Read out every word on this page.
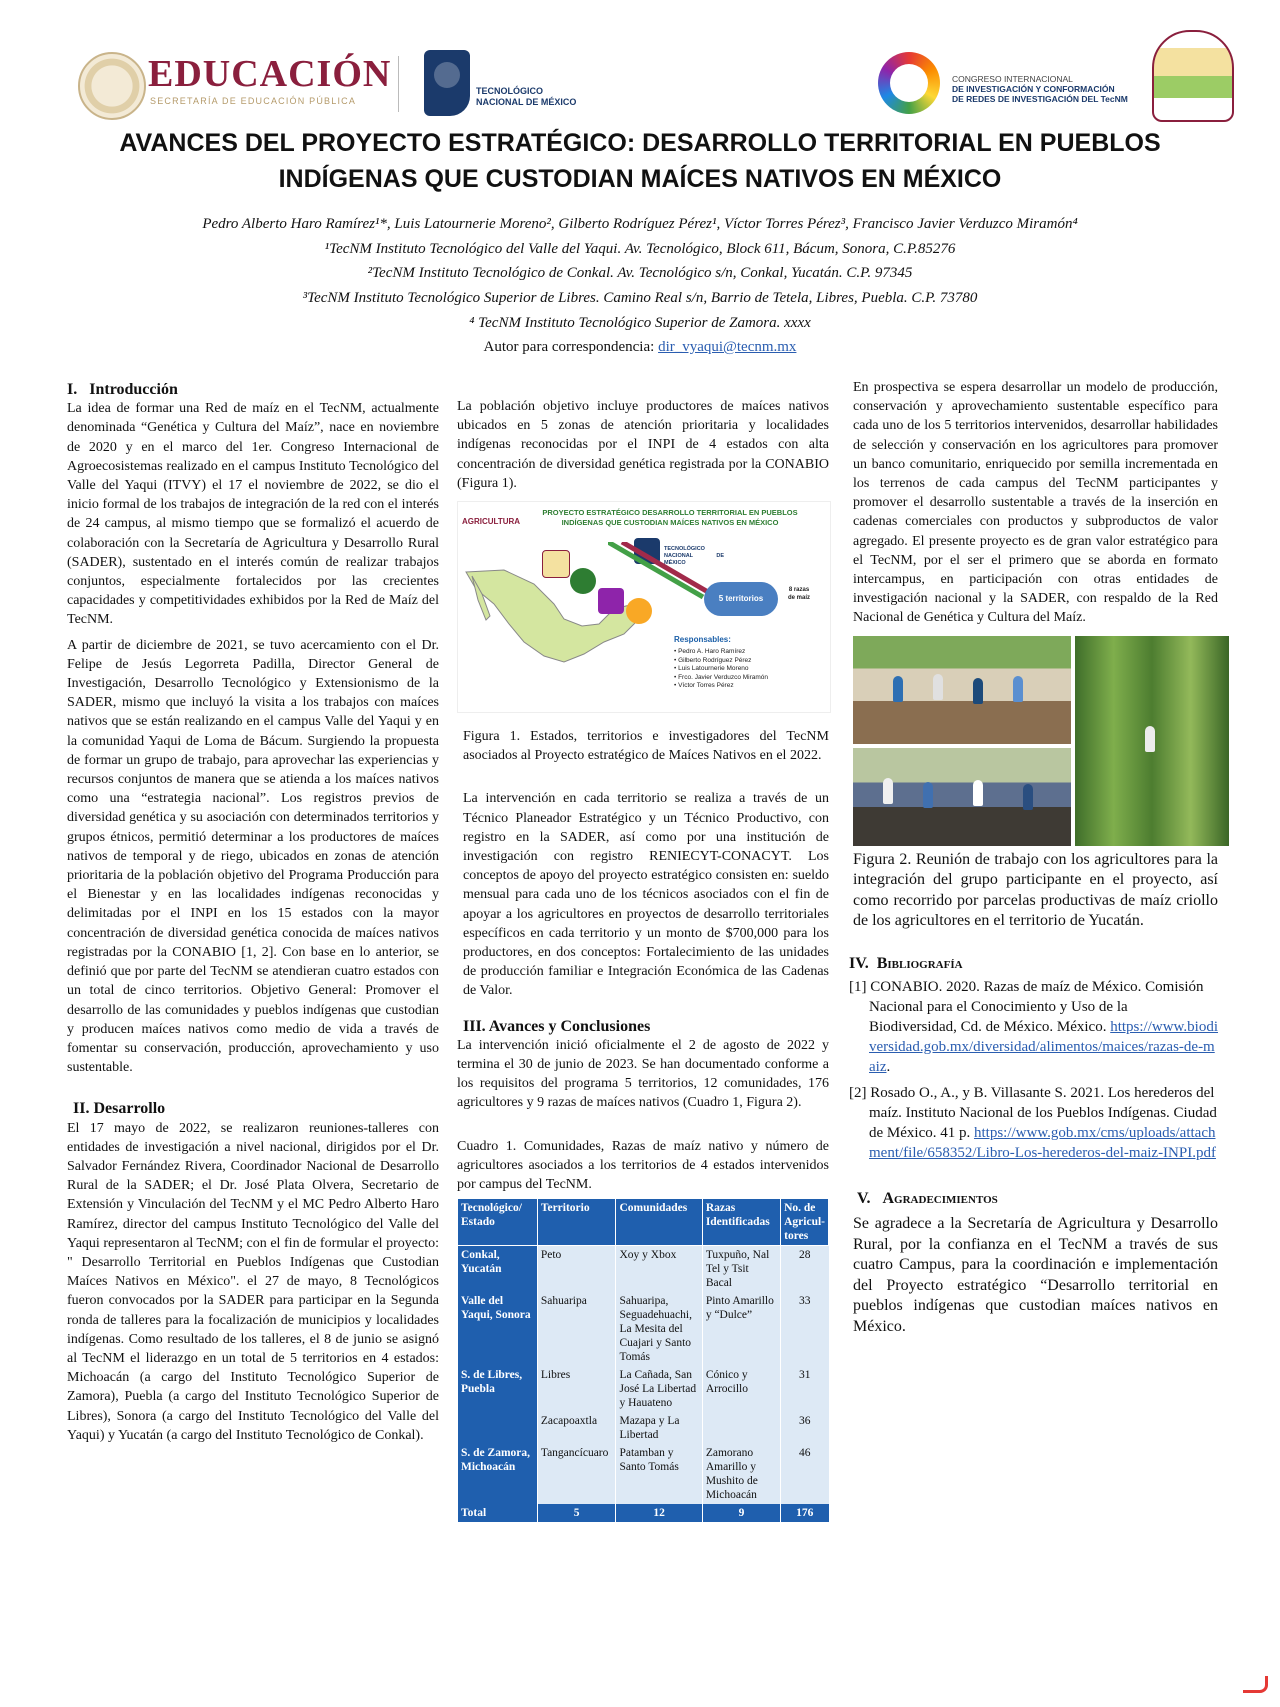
EDUCACIÓN
SECRETARÍA DE EDUCACIÓN PÚBLICA
TECNOLÓGICO
NACIONAL DE MÉXICO
CONGRESO INTERNACIONAL
DE INVESTIGACIÓN Y CONFORMACIÓN
DE REDES DE INVESTIGACIÓN DEL TecNM
AVANCES DEL PROYECTO ESTRATÉGICO: DESARROLLO TERRITORIAL EN PUEBLOS
INDÍGENAS QUE CUSTODIAN MAÍCES NATIVOS EN MÉXICO
Pedro Alberto Haro Ramírez¹*, Luis Latournerie Moreno², Gilberto Rodríguez Pérez¹, Víctor Torres Pérez³, Francisco Javier Verduzco Miramón⁴
¹TecNM Instituto Tecnológico del Valle del Yaqui. Av. Tecnológico, Block 611, Bácum, Sonora, C.P.85276
²TecNM Instituto Tecnológico de Conkal. Av. Tecnológico s/n, Conkal, Yucatán. C.P. 97345
³TecNM Instituto Tecnológico Superior de Libres. Camino Real s/n, Barrio de Tetela, Libres, Puebla. C.P. 73780
⁴ TecNM Instituto Tecnológico Superior de Zamora. xxxx
Autor para correspondencia: dir_vyaqui@tecnm.mx
I. Introducción

La idea de formar una Red de maíz en el TecNM, actualmente denominada “Genética y Cultura del Maíz”, nace en noviembre de 2020 y en el marco del 1er. Congreso Internacional de Agroecosistemas realizado en el campus Instituto Tecnológico del Valle del Yaqui (ITVY) el 17 el noviembre de 2022, se dio el inicio formal de los trabajos de integración de la red con el interés de 24 campus, al mismo tiempo que se formalizó el acuerdo de colaboración con la Secretaría de Agricultura y Desarrollo Rural (SADER), sustentado en el interés común de realizar trabajos conjuntos, especialmente fortalecidos por las crecientes capacidades y competitividades exhibidos por la Red de Maíz del TecNM.

A partir de diciembre de 2021, se tuvo acercamiento con el Dr. Felipe de Jesús Legorreta Padilla, Director General de Investigación, Desarrollo Tecnológico y Extensionismo de la SADER, mismo que incluyó la visita a los trabajos con maíces nativos que se están realizando en el campus Valle del Yaqui y en la comunidad Yaqui de Loma de Bácum. Surgiendo la propuesta de formar un grupo de trabajo, para aprovechar las experiencias y recursos conjuntos de manera que se atienda a los maíces nativos como una “estrategia nacional”. Los registros previos de diversidad genética y su asociación con determinados territorios y grupos étnicos, permitió determinar a los productores de maíces nativos de temporal y de riego, ubicados en zonas de atención prioritaria de la población objetivo del Programa Producción para el Bienestar y en las localidades indígenas reconocidas y delimitadas por el INPI en los 15 estados con la mayor concentración de diversidad genética conocida de maíces nativos registradas por la CONABIO [1, 2]. Con base en lo anterior, se definió que por parte del TecNM se atendieran cuatro estados con un total de cinco territorios. Objetivo General: Promover el desarrollo de las comunidades y pueblos indígenas que custodian y producen maíces nativos como medio de vida a través de fomentar su conservación, producción, aprovechamiento y uso sustentable.

II. Desarrollo

El 17 mayo de 2022, se realizaron reuniones-talleres con entidades de investigación a nivel nacional, dirigidos por el Dr. Salvador Fernández Rivera, Coordinador Nacional de Desarrollo Rural de la SADER; el Dr. José Plata Olvera, Secretario de Extensión y Vinculación del TecNM y el MC Pedro Alberto Haro Ramírez, director del campus Instituto Tecnológico del Valle del Yaqui representaron al TecNM; con el fin de formular el proyecto: " Desarrollo Territorial en Pueblos Indígenas que Custodian Maíces Nativos en México". el 27 de mayo, 8 Tecnológicos fueron convocados por la SADER para participar en la Segunda ronda de talleres para la focalización de municipios y localidades indígenas. Como resultado de los talleres, el 8 de junio se asignó al TecNM el liderazgo en un total de 5 territorios en 4 estados: Michoacán (a cargo del Instituto Tecnológico Superior de Zamora), Puebla (a cargo del Instituto Tecnológico Superior de Libres), Sonora (a cargo del Instituto Tecnológico del Valle del Yaqui) y Yucatán (a cargo del Instituto Tecnológico de Conkal).

La población objetivo incluye productores de maíces nativos ubicados en 5 zonas de atención prioritaria y localidades indígenas reconocidas por el INPI de 4 estados con alta concentración de diversidad genética registrada por la CONABIO (Figura 1).

AGRICULTURA
PROYECTO ESTRATÉGICO DESARROLLO TERRITORIAL EN PUEBLOS
INDÍGENAS QUE CUSTODIAN MAÍCES NATIVOS EN MÉXICO
TECNOLÓGICO NACIONAL DE MÉXICO
5 territorios
8 razas
de maíz
Responsables:
• Pedro A. Haro Ramírez
• Gilberto Rodríguez Pérez
• Luis Latournerie Moreno
• Frco. Javier Verduzco Miramón
• Víctor Torres Pérez

Figura 1. Estados, territorios e investigadores del TecNM asociados al Proyecto estratégico de Maíces Nativos en el 2022.

La intervención en cada territorio se realiza a través de un Técnico Planeador Estratégico y un Técnico Productivo, con registro en la SADER, así como por una institución de investigación con registro RENIECYT-CONACYT. Los conceptos de apoyo del proyecto estratégico consisten en: sueldo mensual para cada uno de los técnicos asociados con el fin de apoyar a los agricultores en proyectos de desarrollo territoriales específicos en cada territorio y un monto de $700,000 para los productores, en dos conceptos: Fortalecimiento de las unidades de producción familiar e Integración Económica de las Cadenas de Valor.

III. Avances y Conclusiones

La intervención inició oficialmente el 2 de agosto de 2022 y termina el 30 de junio de 2023. Se han documentado conforme a los requisitos del programa 5 territorios, 12 comunidades, 176 agricultores y 9 razas de maíces nativos (Cuadro 1, Figura 2).

Cuadro 1. Comunidades, Razas de maíz nativo y número de agricultores asociados a los territorios de 4 estados intervenidos por campus del TecNM.

Tecnológico/ Estado	Territorio	Comunidades	Razas Identificadas	No. de Agricul-tores
Conkal, Yucatán	Peto	Xoy y Xbox	Tuxpuño, Nal Tel y Tsit Bacal	28
Valle del Yaqui, Sonora	Sahuaripa	Sahuaripa, Seguadehuachi, La Mesita del Cuajari y Santo Tomás	Pinto Amarillo y “Dulce”	33
S. de Libres, Puebla	Libres	La Cañada, San José La Libertad y Hauateno	Cónico y Arrocillo	31
	Zacapoaxtla	Mazapa y La Libertad		36
S. de Zamora, Michoacán	Tangancícuaro	Patamban y Santo Tomás	Zamorano Amarillo y Mushito de Michoacán	46
Total	5	12	9	176

En prospectiva se espera desarrollar un modelo de producción, conservación y aprovechamiento sustentable específico para cada uno de los 5 territorios intervenidos, desarrollar habilidades de selección y conservación en los agricultores para promover un banco comunitario, enriquecido por semilla incrementada en los terrenos de cada campus del TecNM participantes y promover el desarrollo sustentable a través de la inserción en cadenas comerciales con productos y subproductos de valor agregado. El presente proyecto es de gran valor estratégico para el TecNM, por el ser el primero que se aborda en formato intercampus, en participación con otras entidades de investigación nacional y la SADER, con respaldo de la Red Nacional de Genética y Cultura del Maíz.

Figura 2. Reunión de trabajo con los agricultores para la integración del grupo participante en el proyecto, así como recorrido por parcelas productivas de maíz criollo de los agricultores en el territorio de Yucatán.

IV. Bibliografía

[1] CONABIO. 2020. Razas de maíz de México. Comisión Nacional para el Conocimiento y Uso de la Biodiversidad, Cd. de México. México. https://www.biodiversidad.gob.mx/diversidad/alimentos/maices/razas-de-maiz.

[2] Rosado O., A., y B. Villasante S. 2021. Los herederos del maíz. Instituto Nacional de los Pueblos Indígenas. Ciudad de México. 41 p. https://www.gob.mx/cms/uploads/attachment/file/658352/Libro-Los-herederos-del-maiz-INPI.pdf

V. Agradecimientos

Se agradece a la Secretaría de Agricultura y Desarrollo Rural, por la confianza en el TecNM a través de sus cuatro Campus, para la coordinación e implementación del Proyecto estratégico “Desarrollo territorial en pueblos indígenas que custodian maíces nativos en México.
